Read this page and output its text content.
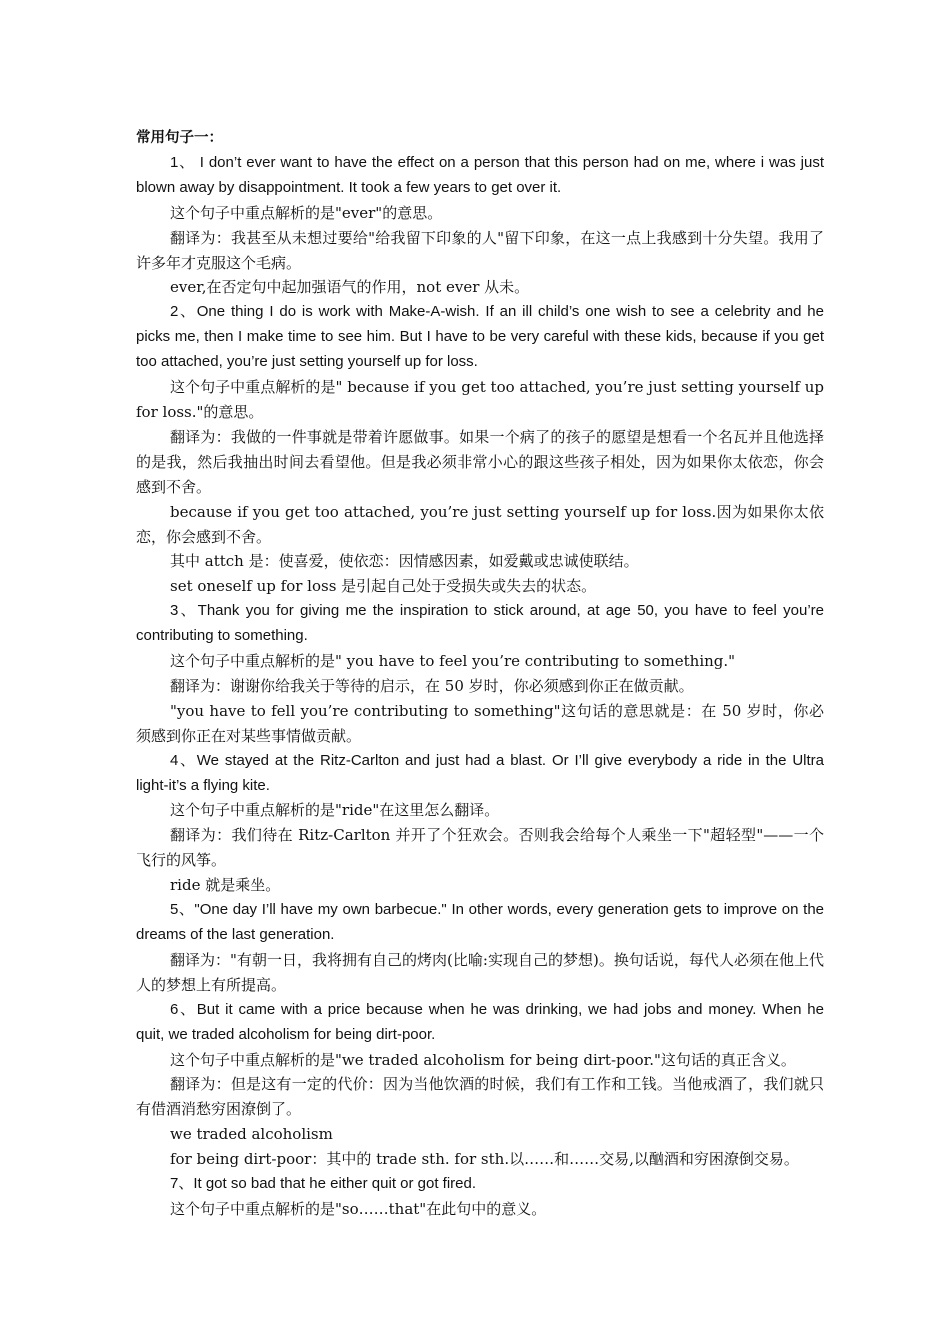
常用句子一：

1、 I don’t ever want to have the effect on a person that this person had on me, where i was just blown away by disappointment. It took a few years to get over it.

这个句子中重点解析的是"ever"的意思。

翻译为：我甚至从未想过要给"给我留下印象的人"留下印象，在这一点上我感到十分失望。我用了许多年才克服这个毛病。

ever,在否定句中起加强语气的作用，not ever 从未。

2、One thing I do is work with Make-A-wish. If an ill child’s one wish to see a celebrity and he picks me, then I make time to see him. But I have to be very careful with these kids, because if you get too attached, you’re just setting yourself up for loss.

这个句子中重点解析的是" because if you get too attached, you’re just setting yourself up for loss."的意思。

翻译为：我做的一件事就是带着许愿做事。如果一个病了的孩子的愿望是想看一个名瓦并且他选择的是我，然后我抽出时间去看望他。但是我必须非常小心的跟这些孩子相处，因为如果你太依恋，你会感到不舍。

because if you get too attached, you’re just setting yourself up for loss.因为如果你太依恋，你会感到不舍。

其中 attch 是：使喜爱，使依恋：因情感因素，如爱戴或忠诚使联结。

set oneself up for loss 是引起自己处于受损失或失去的状态。

3、Thank you for giving me the inspiration to stick around, at age 50, you have to feel you’re contributing to something.

这个句子中重点解析的是" you have to feel you’re contributing to something."

翻译为：谢谢你给我关于等待的启示，在 50 岁时，你必须感到你正在做贡献。

"you have to fell you’re contributing to something"这句话的意思就是：在 50 岁时，你必须感到你正在对某些事情做贡献。

4、We stayed at the Ritz-Carlton and just had a blast. Or I’ll give everybody a ride in the Ultra light-it’s a flying kite.

这个句子中重点解析的是"ride"在这里怎么翻译。

翻译为：我们待在 Ritz-Carlton 并开了个狂欢会。否则我会给每个人乘坐一下"超轻型"——一个飞行的风筝。

ride 就是乘坐。

5、"One day I’ll have my own barbecue." In other words, every generation gets to improve on the dreams of the last generation.

翻译为："有朝一日，我将拥有自己的烤肉(比喻:实现自己的梦想)。换句话说，每代人必须在他上代人的梦想上有所提高。

6、But it came with a price because when he was drinking, we had jobs and money. When he quit, we traded alcoholism for being dirt-poor.

这个句子中重点解析的是"we traded alcoholism for being dirt-poor."这句话的真正含义。

翻译为：但是这有一定的代价：因为当他饮酒的时候，我们有工作和工钱。当他戒酒了，我们就只有借酒消愁穷困潦倒了。

we traded alcoholism

for being dirt-poor：其中的 trade sth. for sth.以……和……交易,以酗酒和穷困潦倒交易。

7、It got so bad that he either quit or got fired.

这个句子中重点解析的是"so……that"在此句中的意义。
